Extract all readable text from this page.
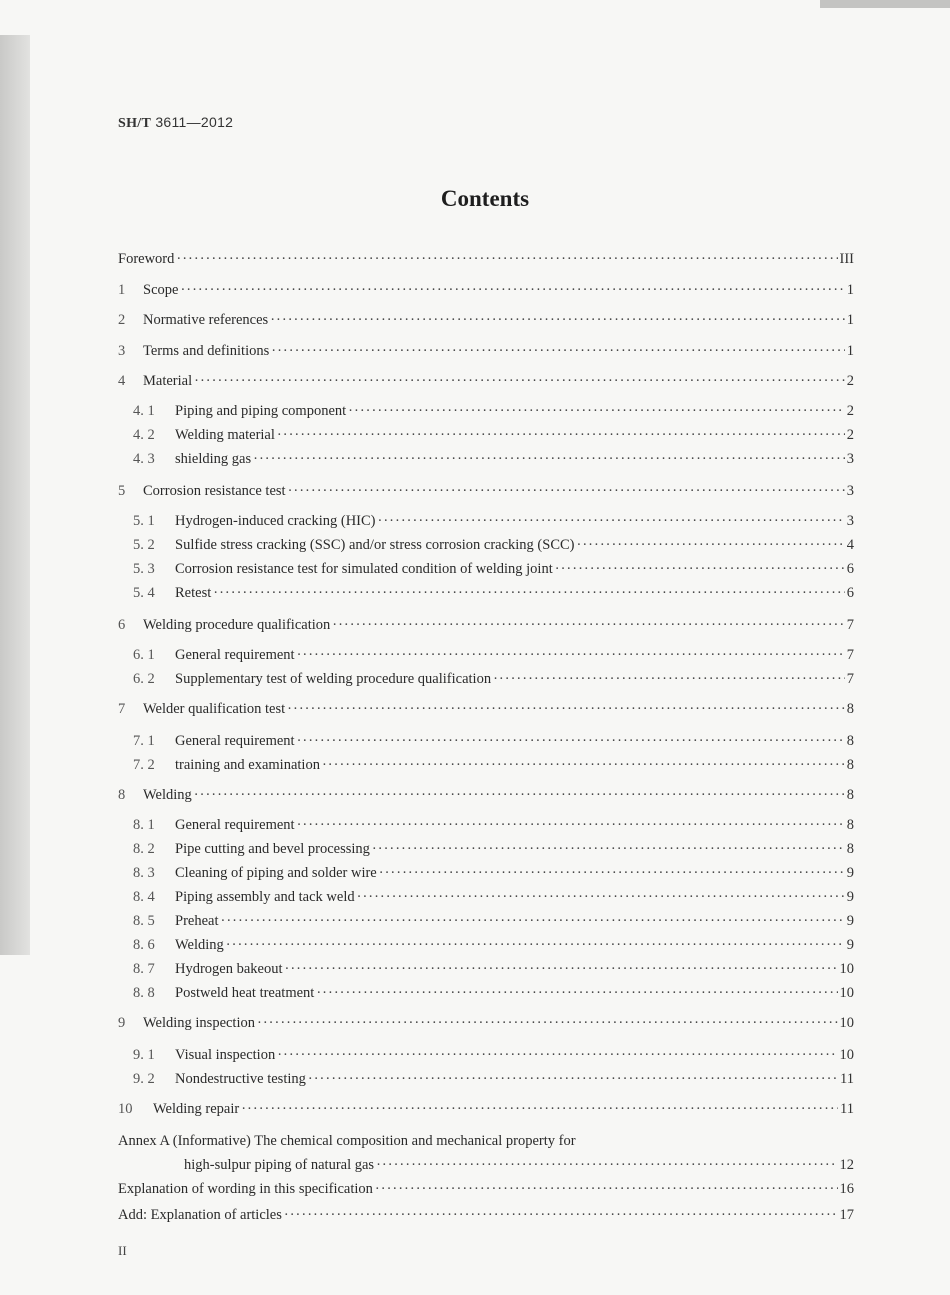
SH/T 3611—2012
Contents
Foreword ·····	III
1	Scope ·····	1
2	Normative references ·····	1
3	Terms and definitions ·····	1
4	Material ·····	2
4. 1	Piping and piping component ·····	2
4. 2	Welding material ·····	2
4. 3	shielding gas ·····	3
5	Corrosion resistance test ·····	3
5. 1	Hydrogen-induced cracking (HIC) ·····	3
5. 2	Sulfide stress cracking (SSC) and/or stress corrosion cracking (SCC) ·····	4
5. 3	Corrosion resistance test for simulated condition of welding joint ·····	6
5. 4	Retest ·····	6
6	Welding procedure qualification ·····	7
6. 1	General requirement ·····	7
6. 2	Supplementary test of welding procedure qualification ·····	7
7	Welder qualification test ·····	8
7. 1	General requirement ·····	8
7. 2	training and examination ·····	8
8	Welding ·····	8
8. 1	General requirement ·····	8
8. 2	Pipe cutting and bevel processing ·····	8
8. 3	Cleaning of piping and solder wire ·····	9
8. 4	Piping assembly and tack weld ·····	9
8. 5	Preheat ·····	9
8. 6	Welding ·····	9
8. 7	Hydrogen bakeout ·····	10
8. 8	Postweld heat treatment ·····	10
9	Welding inspection ·····	10
9. 1	Visual inspection ·····	10
9. 2	Nondestructive testing ·····	11
10	Welding repair ·····	11
Annex A (Informative) The chemical composition and mechanical property for
high-sulpur piping of natural gas ·····	12
Explanation of wording in this specification ·····	16
Add: Explanation of articles ·····	17
II
